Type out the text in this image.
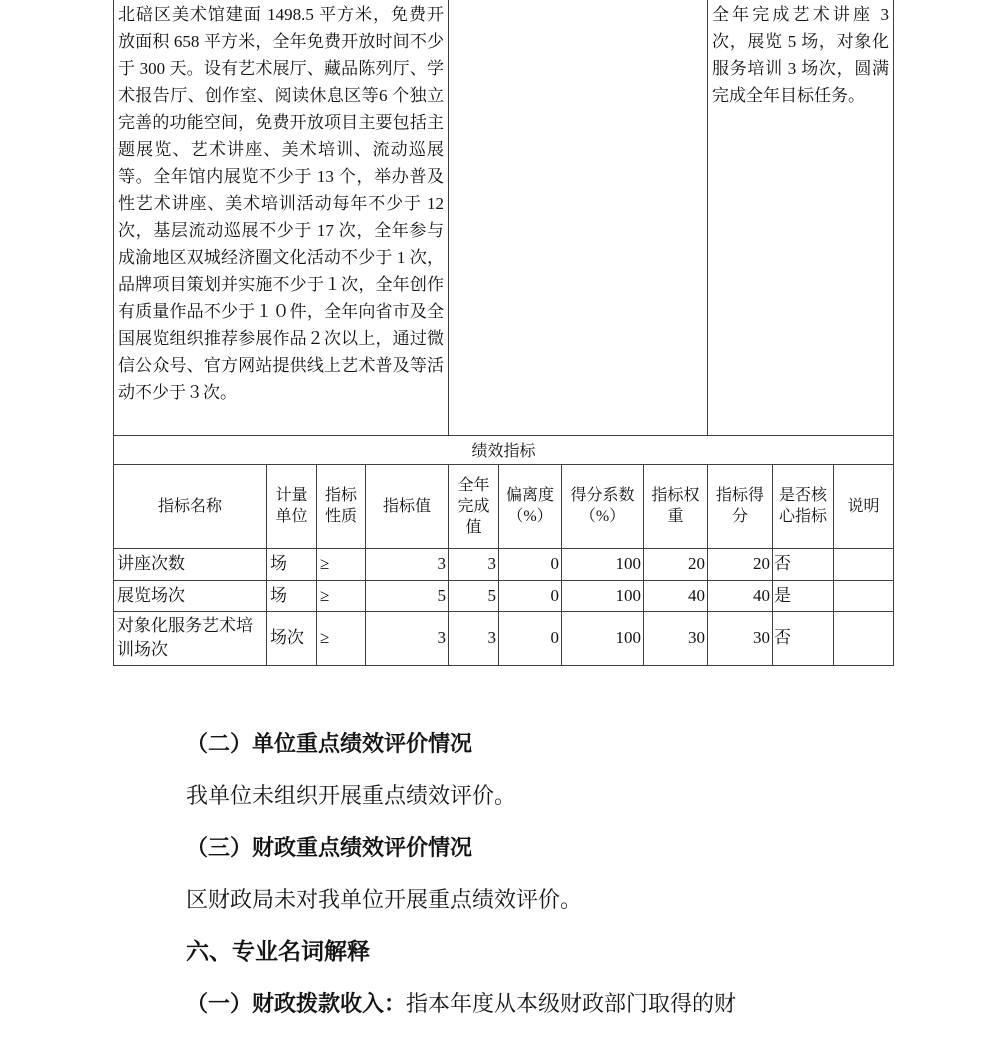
北碚区美术馆建面 1498.5 平方米，免费开放面积 658 平方米，全年免费开放时间不少于 300 天。设有艺术展厅、藏品陈列厅、学术报告厅、创作室、阅读休息区等6 个独立完善的功能空间，免费开放项目主要包括主题展览、艺术讲座、美术培训、流动巡展等。全年馆内展览不少于 13 个，举办普及性艺术讲座、美术培训活动每年不少于 12 次，基层流动巡展不少于 17 次，全年参与成渝地区双城经济圈文化活动不少于 1 次，品牌项目策划并实施不少于１次，全年创作有质量作品不少于１０件，全年向省市及全国展览组织推荐参展作品２次以上，通过微信公众号、官方网站提供线上艺术普及等活动不少于３次。								全年完成艺术讲座 3 次，展览 5 场，对象化服务培训 3 场次，圆满完成全年目标任务。		

绩效指标										
指标名称	计量单位	指标性质	指标值	全年完成值	偏离度（%）	得分系数（%）	指标权重	指标得分	是否核心指标	说明
讲座次数	场	≥	3	3	0	100	20	20	否	
展览场次	场	≥	5	5	0	100	40	40	是	
对象化服务艺术培训场次	场次	≥	3	3	0	100	30	30	否	

（二）单位重点绩效评价情况

我单位未组织开展重点绩效评价。

（三）财政重点绩效评价情况

区财政局未对我单位开展重点绩效评价。

六、专业名词解释

（一）财政拨款收入：指本年度从本级财政部门取得的财
